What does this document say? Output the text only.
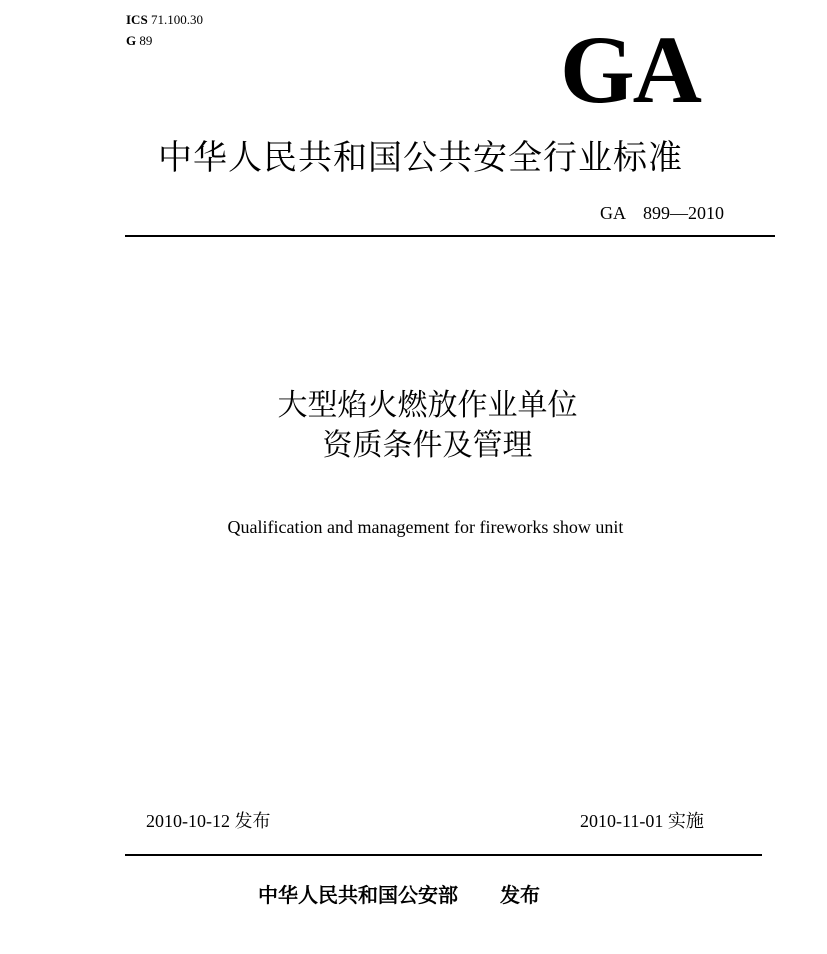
ICS 71.100.30
G 89	GA
中华人民共和国公共安全行业标准
GA　899—2010
大型焰火燃放作业单位
资质条件及管理
Qualification and management for fireworks show unit
2010-10-12 发布	2010-11-01 实施
中华人民共和国公安部 发布
